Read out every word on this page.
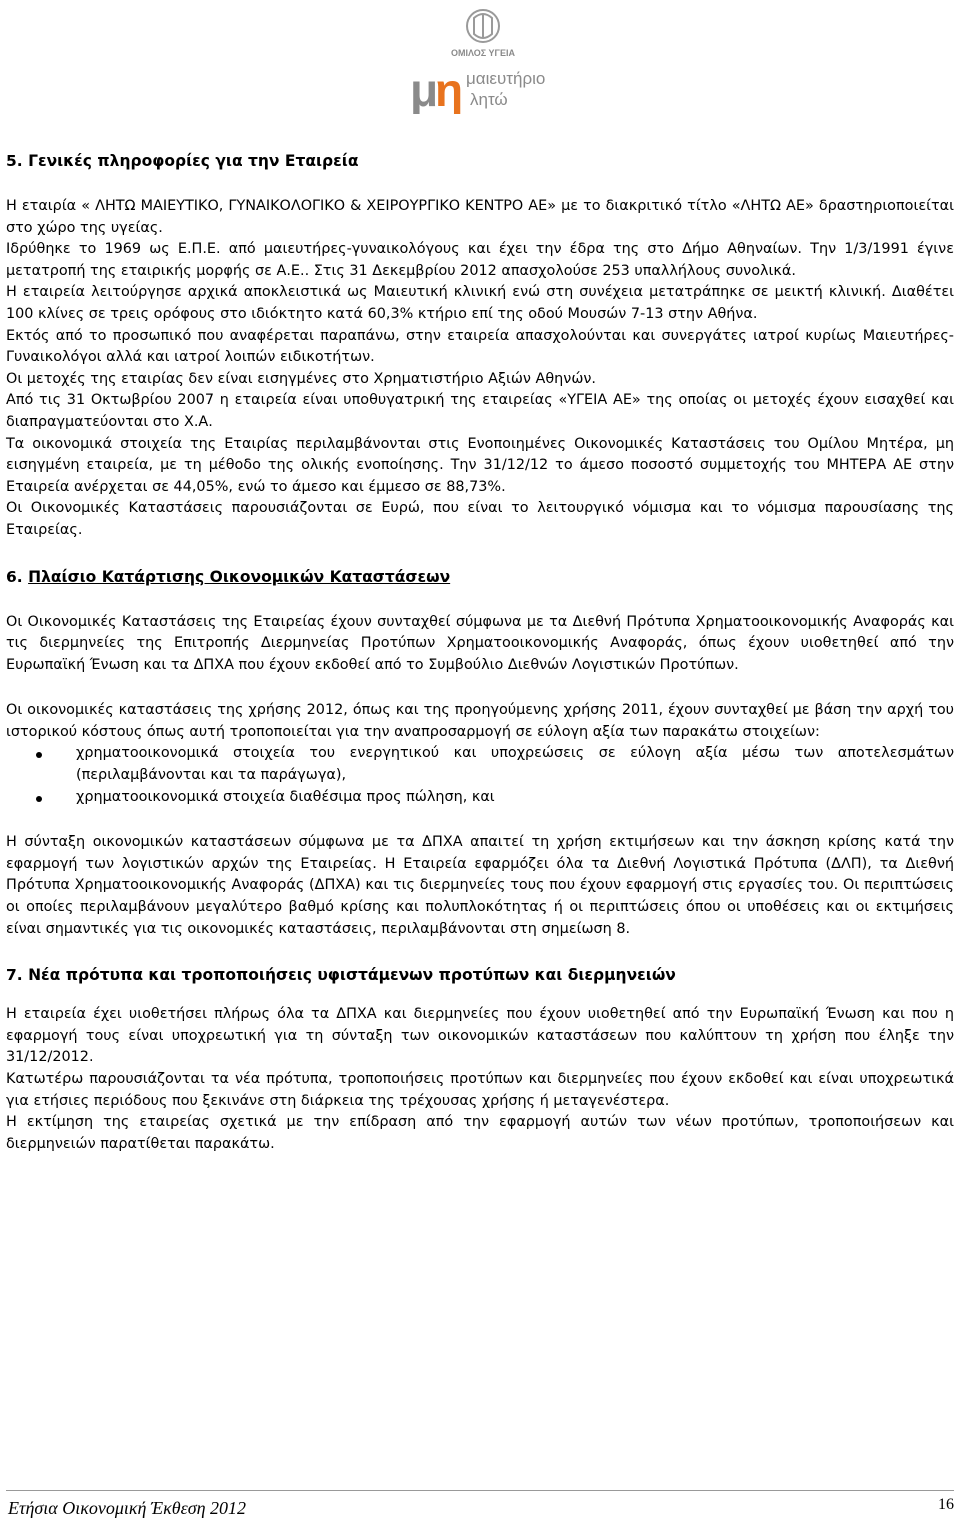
ΟΜΙΛΟΣ ΥΓΕΙΑ
μ
η μαιευτήριο
λητώ
5. Γενικές πληροφορίες για την Εταιρεία

Η εταιρία « ΛΗΤΩ ΜΑΙΕΥΤΙΚΟ, ΓΥΝΑΙΚΟΛΟΓΙΚΟ & ΧΕΙΡΟΥΡΓΙΚΟ ΚΕΝΤΡΟ ΑΕ» με το διακριτικό τίτλο «ΛΗΤΩ ΑΕ» δραστηριοποιείται στο χώρο της υγείας.

Ιδρύθηκε το 1969 ως Ε.Π.Ε. από μαιευτήρες-γυναικολόγους και έχει την έδρα της στο Δήμο Αθηναίων. Την 1/3/1991 έγινε μετατροπή της εταιρικής μορφής σε Α.Ε.. Στις 31 Δεκεμβρίου 2012 απασχολούσε 253 υπαλλήλους συνολικά.

Η εταιρεία λειτούργησε αρχικά αποκλειστικά ως Μαιευτική κλινική ενώ στη συνέχεια μετατράπηκε σε μεικτή κλινική. Διαθέτει 100 κλίνες σε τρεις ορόφους στο ιδιόκτητο κατά 60,3% κτήριο επί της οδού Μουσών 7-13 στην Αθήνα.

Εκτός από το προσωπικό που αναφέρεται παραπάνω, στην εταιρεία απασχολούνται και συνεργάτες ιατροί κυρίως Μαιευτήρες-Γυναικολόγοι αλλά και ιατροί λοιπών ειδικοτήτων.

Οι μετοχές της εταιρίας δεν είναι εισηγμένες στο Χρηματιστήριο Αξιών Αθηνών.

Από τις 31 Οκτωβρίου 2007 η εταιρεία είναι υποθυγατρική της εταιρείας «ΥΓΕΙΑ ΑΕ» της οποίας οι μετοχές έχουν εισαχθεί και διαπραγματεύονται στο Χ.Α.

Τα οικονομικά στοιχεία της Εταιρίας περιλαμβάνονται στις Ενοποιημένες Οικονομικές Καταστάσεις του Ομίλου Μητέρα, μη εισηγμένη εταιρεία, με τη μέθοδο της ολικής ενοποίησης. Την 31/12/12 το άμεσο ποσοστό συμμετοχής του ΜΗΤΕΡΑ ΑΕ στην Εταιρεία ανέρχεται σε 44,05%, ενώ το άμεσο και έμμεσο σε 88,73%.

Οι Οικονομικές Καταστάσεις παρουσιάζονται σε Ευρώ, που είναι το λειτουργικό νόμισμα και το νόμισμα παρουσίασης της Εταιρείας.

6. Πλαίσιο Κατάρτισης Οικονομικών Καταστάσεων

Οι Οικονομικές Καταστάσεις της Εταιρείας έχουν συνταχθεί σύμφωνα με τα Διεθνή Πρότυπα Χρηματοοικονομικής Αναφοράς και τις διερμηνείες της Επιτροπής Διερμηνείας Προτύπων Χρηματοοικονομικής Αναφοράς, όπως έχουν υιοθετηθεί από την Ευρωπαϊκή Ένωση και τα ΔΠΧΑ που έχουν εκδοθεί από το Συμβούλιο Διεθνών Λογιστικών Προτύπων.

Οι οικονομικές καταστάσεις της χρήσης 2012, όπως και της προηγούμενης χρήσης 2011, έχουν συνταχθεί με βάση την αρχή του ιστορικού κόστους όπως αυτή τροποποιείται για την αναπροσαρμογή σε εύλογη αξία των παρακάτω στοιχείων:

χρηματοοικονομικά στοιχεία του ενεργητικού και υποχρεώσεις σε εύλογη αξία μέσω των αποτελεσμάτων (περιλαμβάνονται και τα παράγωγα),
χρηματοοικονομικά στοιχεία διαθέσιμα προς πώληση, και

Η σύνταξη οικονομικών καταστάσεων σύμφωνα με τα ΔΠΧΑ απαιτεί τη χρήση εκτιμήσεων και την άσκηση κρίσης κατά την εφαρμογή των λογιστικών αρχών της Εταιρείας. Η Εταιρεία εφαρμόζει όλα τα Διεθνή Λογιστικά Πρότυπα (ΔΛΠ), τα Διεθνή Πρότυπα Χρηματοοικονομικής Αναφοράς (ΔΠΧΑ) και τις διερμηνείες τους που έχουν εφαρμογή στις εργασίες του. Οι περιπτώσεις οι οποίες περιλαμβάνουν μεγαλύτερο βαθμό κρίσης και πολυπλοκότητας ή οι περιπτώσεις όπου οι υποθέσεις και οι εκτιμήσεις είναι σημαντικές για τις οικονομικές καταστάσεις, περιλαμβάνονται στη σημείωση 8.

7. Νέα πρότυπα και τροποποιήσεις υφιστάμενων προτύπων και διερμηνειών

Η εταιρεία έχει υιοθετήσει πλήρως όλα τα ΔΠΧΑ και διερμηνείες που έχουν υιοθετηθεί από την Ευρωπαϊκή Ένωση και που η εφαρμογή τους είναι υποχρεωτική για τη σύνταξη των οικονομικών καταστάσεων που καλύπτουν τη χρήση που έληξε την 31/12/2012.

Κατωτέρω παρουσιάζονται τα νέα πρότυπα, τροποποιήσεις προτύπων και διερμηνείες που έχουν εκδοθεί και είναι υποχρεωτικά για ετήσιες περιόδους που ξεκινάνε στη διάρκεια της τρέχουσας χρήσης ή μεταγενέστερα.

Η εκτίμηση της εταιρείας σχετικά με την επίδραση από την εφαρμογή αυτών των νέων προτύπων, τροποποιήσεων και διερμηνειών παρατίθεται παρακάτω.

Ετήσια Οικονομική Έκθεση 2012	16
